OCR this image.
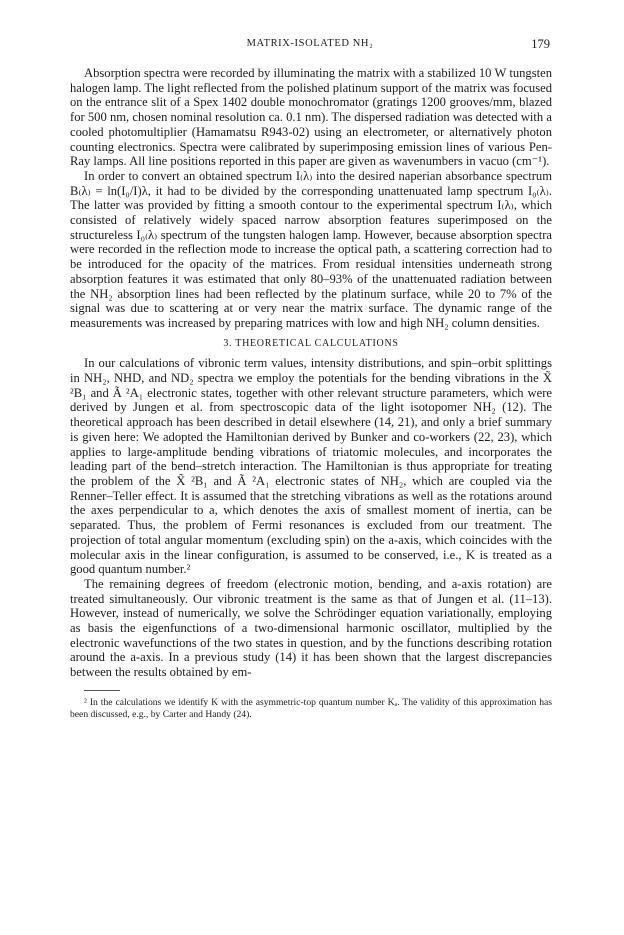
MATRIX-ISOLATED NH₂	179

Absorption spectra were recorded by illuminating the matrix with a stabilized 10 W tungsten halogen lamp. The light reflected from the polished platinum support of the matrix was focused on the entrance slit of a Spex 1402 double monochromator (gratings 1200 grooves/mm, blazed for 500 nm, chosen nominal resolution ca. 0.1 nm). The dispersed radiation was detected with a cooled photomultiplier (Hamamatsu R943-02) using an electrometer, or alternatively photon counting electronics. Spectra were calibrated by superimposing emission lines of various Pen-Ray lamps. All line positions reported in this paper are given as wavenumbers in vacuo (cm⁻¹).

In order to convert an obtained spectrum I₍λ₎ into the desired naperian absorbance spectrum B₍λ₎ = ln(I₀/I)λ, it had to be divided by the corresponding unattenuated lamp spectrum I₀₍λ₎. The latter was provided by fitting a smooth contour to the experimental spectrum I₍λ₎, which consisted of relatively widely spaced narrow absorption features superimposed on the structureless I₀₍λ₎ spectrum of the tungsten halogen lamp. However, because absorption spectra were recorded in the reflection mode to increase the optical path, a scattering correction had to be introduced for the opacity of the matrices. From residual intensities underneath strong absorption features it was estimated that only 80–93% of the unattenuated radiation between the NH₂ absorption lines had been reflected by the platinum surface, while 20 to 7% of the signal was due to scattering at or very near the matrix surface. The dynamic range of the measurements was increased by preparing matrices with low and high NH₂ column densities.

3. THEORETICAL CALCULATIONS

In our calculations of vibronic term values, intensity distributions, and spin–orbit splittings in NH₂, NHD, and ND₂ spectra we employ the potentials for the bending vibrations in the X̃ ²B₁ and Ã ²A₁ electronic states, together with other relevant structure parameters, which were derived by Jungen et al. from spectroscopic data of the light isotopomer NH₂ (12). The theoretical approach has been described in detail elsewhere (14, 21), and only a brief summary is given here: We adopted the Hamiltonian derived by Bunker and co-workers (22, 23), which applies to large-amplitude bending vibrations of triatomic molecules, and incorporates the leading part of the bend–stretch interaction. The Hamiltonian is thus appropriate for treating the problem of the X̃ ²B₁ and Ã ²A₁ electronic states of NH₂, which are coupled via the Renner–Teller effect. It is assumed that the stretching vibrations as well as the rotations around the axes perpendicular to a, which denotes the axis of smallest moment of inertia, can be separated. Thus, the problem of Fermi resonances is excluded from our treatment. The projection of total angular momentum (excluding spin) on the a-axis, which coincides with the molecular axis in the linear configuration, is assumed to be conserved, i.e., K is treated as a good quantum number.²

The remaining degrees of freedom (electronic motion, bending, and a-axis rotation) are treated simultaneously. Our vibronic treatment is the same as that of Jungen et al. (11–13). However, instead of numerically, we solve the Schrödinger equation variationally, employing as basis the eigenfunctions of a two-dimensional harmonic oscillator, multiplied by the electronic wavefunctions of the two states in question, and by the functions describing rotation around the a-axis. In a previous study (14) it has been shown that the largest discrepancies between the results obtained by em-

² In the calculations we identify K with the asymmetric-top quantum number Kₐ. The validity of this approximation has been discussed, e.g., by Carter and Handy (24).
